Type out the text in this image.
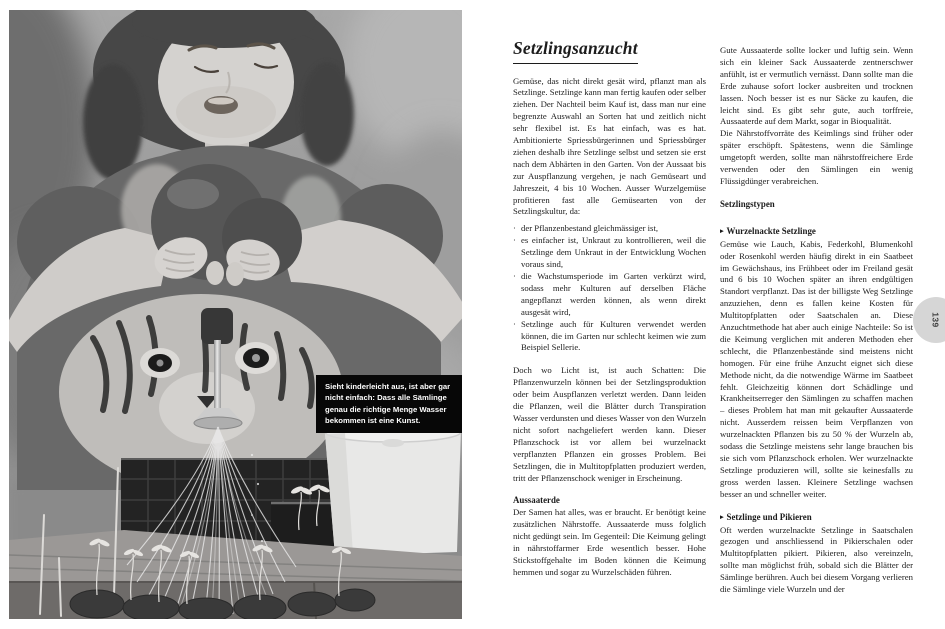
Sieht kinderleicht aus, ist aber gar nicht einfach: Dass alle Sämlinge genau die richtige Menge Wasser bekommen ist eine Kunst.
Setzlingsanzucht

Gemüse, das nicht direkt gesät wird, pflanzt man als Setzlinge. Setzlinge kann man fertig kaufen oder selber ziehen. Der Nachteil beim Kauf ist, dass man nur eine begrenzte Auswahl an Sorten hat und zeitlich nicht sehr flexibel ist. Es hat einfach, was es hat. Ambitionierte Spriessbürgerinnen und Spriessbürger ziehen deshalb ihre Setzlinge selbst und setzen sie erst nach dem Abhärten in den Garten. Von der Aussaat bis zur Auspflanzung vergehen, je nach Gemüseart und Jahreszeit, 4 bis 10 Wochen. Ausser Wurzelgemüse profitieren fast alle Gemüsearten von der Setzlingskultur, da:

· der Pflanzenbestand gleichmässiger ist,
· es einfacher ist, Unkraut zu kontrollieren, weil die Setzlinge dem Unkraut in der Entwicklung Wochen voraus sind,
· die Wachstumsperiode im Garten verkürzt wird, sodass mehr Kulturen auf derselben Fläche angepflanzt werden können, als wenn direkt ausgesät wird,
· Setzlinge auch für Kulturen verwendet werden können, die im Garten nur schlecht keimen wie zum Beispiel Sellerie.

Doch wo Licht ist, ist auch Schatten: Die Pflanzenwurzeln können bei der Setzlingsproduktion oder beim Auspflanzen verletzt werden. Dann leiden die Pflanzen, weil die Blätter durch Transpiration Wasser verdunsten und dieses Wasser von den Wurzeln nicht sofort nachgeliefert werden kann. Dieser Pflanzschock ist vor allem bei wurzelnackt verpflanzten Pflanzen ein grosses Problem. Bei Setzlingen, die in Multitopfplatten produziert werden, tritt der Pflanzenschock weniger in Erscheinung.

Aussaaterde

Der Samen hat alles, was er braucht. Er benötigt keine zusätzlichen Nährstoffe. Aussaaterde muss folglich nicht gedüngt sein. Im Gegenteil: Die Keimung gelingt in nährstoffarmer Erde wesentlich besser. Hohe Stickstoffgehalte im Boden können die Keimung hemmen und sogar zu Wurzelschäden führen.

Gute Aussaaterde sollte locker und luftig sein. Wenn sich ein kleiner Sack Aussaaterde zentnerschwer anfühlt, ist er vermutlich vernässt. Dann sollte man die Erde zuhause sofort locker ausbreiten und trocknen lassen. Noch besser ist es nur Säcke zu kaufen, die leicht sind. Es gibt sehr gute, auch torffreie, Aussaaterde auf dem Markt, sogar in Bioqualität.

Die Nährstoffvorräte des Keimlings sind früher oder später erschöpft. Spätestens, wenn die Sämlinge umgetopft werden, sollte man nährstoffreichere Erde verwenden oder den Sämlingen ein wenig Flüssigdünger verabreichen.

Setzlingstypen
▸ Wurzelnackte Setzlinge

Gemüse wie Lauch, Kabis, Federkohl, Blumenkohl oder Rosenkohl werden häufig direkt in ein Saatbeet im Gewächshaus, ins Frühbeet oder im Freiland gesät und 6 bis 10 Wochen später an ihren endgültigen Standort verpflanzt. Das ist der billigste Weg Setzlinge anzuziehen, denn es fallen keine Kosten für Multitopfplatten oder Saatschalen an. Diese Anzuchtmethode hat aber auch einige Nachteile: So ist die Keimung verglichen mit anderen Methoden eher schlecht, die Pflanzenbestände sind meistens nicht homogen. Für eine frühe Anzucht eignet sich diese Methode nicht, da die notwendige Wärme im Saatbeet fehlt. Gleichzeitig können dort Schädlinge und Krankheitserreger den Sämlingen zu schaffen machen – dieses Problem hat man mit gekaufter Aussaaterde nicht. Ausserdem reissen beim Verpflanzen von wurzelnackten Pflanzen bis zu 50 % der Wurzeln ab, sodass die Setzlinge meistens sehr lange brauchen bis sie sich vom Pflanzschock erholen. Wer wurzelnackte Setzlinge produzieren will, sollte sie keinesfalls zu gross werden lassen. Kleinere Setzlinge wachsen besser an und schneller weiter.

▸ Setzlinge und Pikieren

Oft werden wurzelnackte Setzlinge in Saatschalen gezogen und anschliessend in Pikierschalen oder Multitopfplatten pikiert. Pikieren, also vereinzeln, sollte man möglichst früh, sobald sich die Blätter der Sämlinge berühren. Auch bei diesem Vorgang verlieren die Sämlinge viele Wurzeln und der

139
